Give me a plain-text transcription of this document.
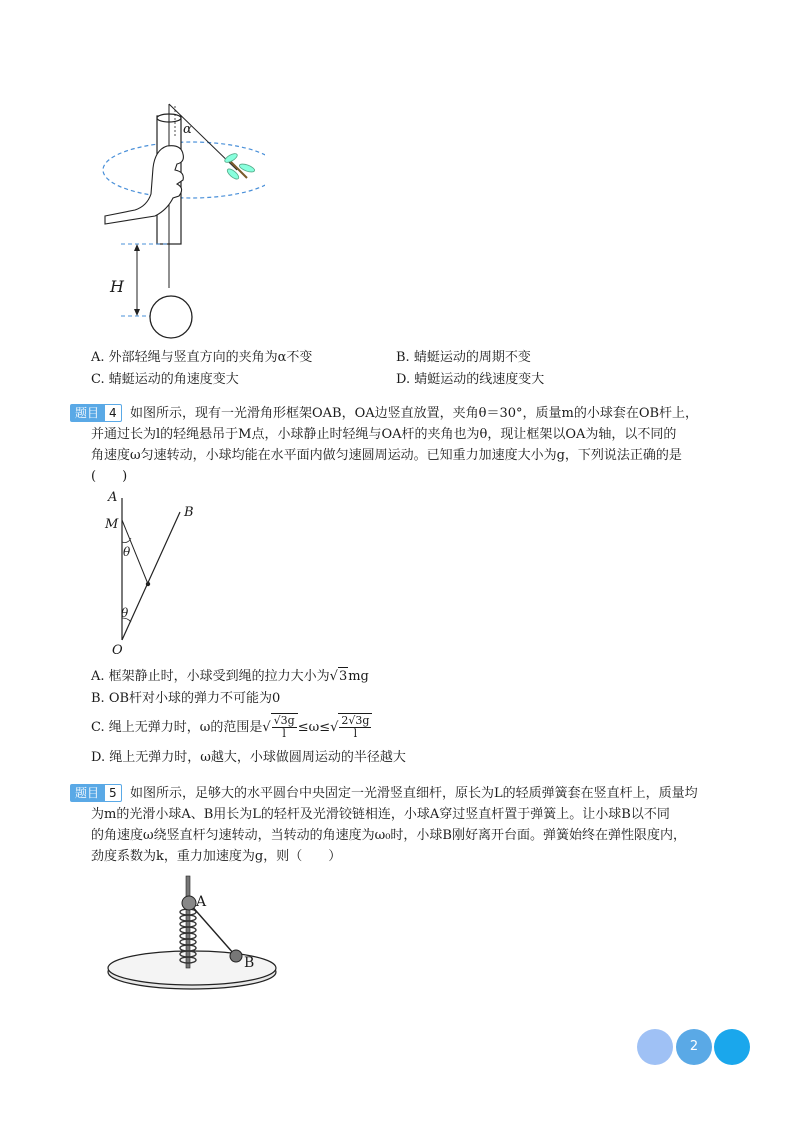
α
H
A. 外部轻绳与竖直方向的夹角为α不变	B. 蜻蜓运动的周期不变
C. 蜻蜓运动的角速度变大	D. 蜻蜓运动的线速度变大
题目 4	如图所示，现有一光滑角形框架OAB，OA边竖直放置，夹角θ＝30°，质量m的小球套在OB杆上，
并通过长为l的轻绳悬吊于M点，小球静止时轻绳与OA杆的夹角也为θ，现让框架以OA为轴，以不同的
角速度ω匀速转动，小球均能在水平面内做匀速圆周运动。已知重力加速度大小为g，下列说法正确的是
(　　)
A
M
B
θ
θ
O
A. 框架静止时，小球受到绳的拉力大小为√3mg
B. OB杆对小球的弹力不可能为0
C. 绳上无弹力时，ω的范围是√ $\frac{√3g}{l} \le\omega\le√ \frac{2√3g}{l}$
D. 绳上无弹力时，ω越大，小球做圆周运动的半径越大
题目 5	如图所示，足够大的水平圆台中央固定一光滑竖直细杆，原长为L的轻质弹簧套在竖直杆上，质量均
为m的光滑小球A、B用长为L的轻杆及光滑铰链相连，小球A穿过竖直杆置于弹簧上。让小球B以不同
的角速度ω绕竖直杆匀速转动，当转动的角速度为ω₀时，小球B刚好离开台面。弹簧始终在弹性限度内，
劲度系数为k，重力加速度为g，则（　　）
A
B
2
